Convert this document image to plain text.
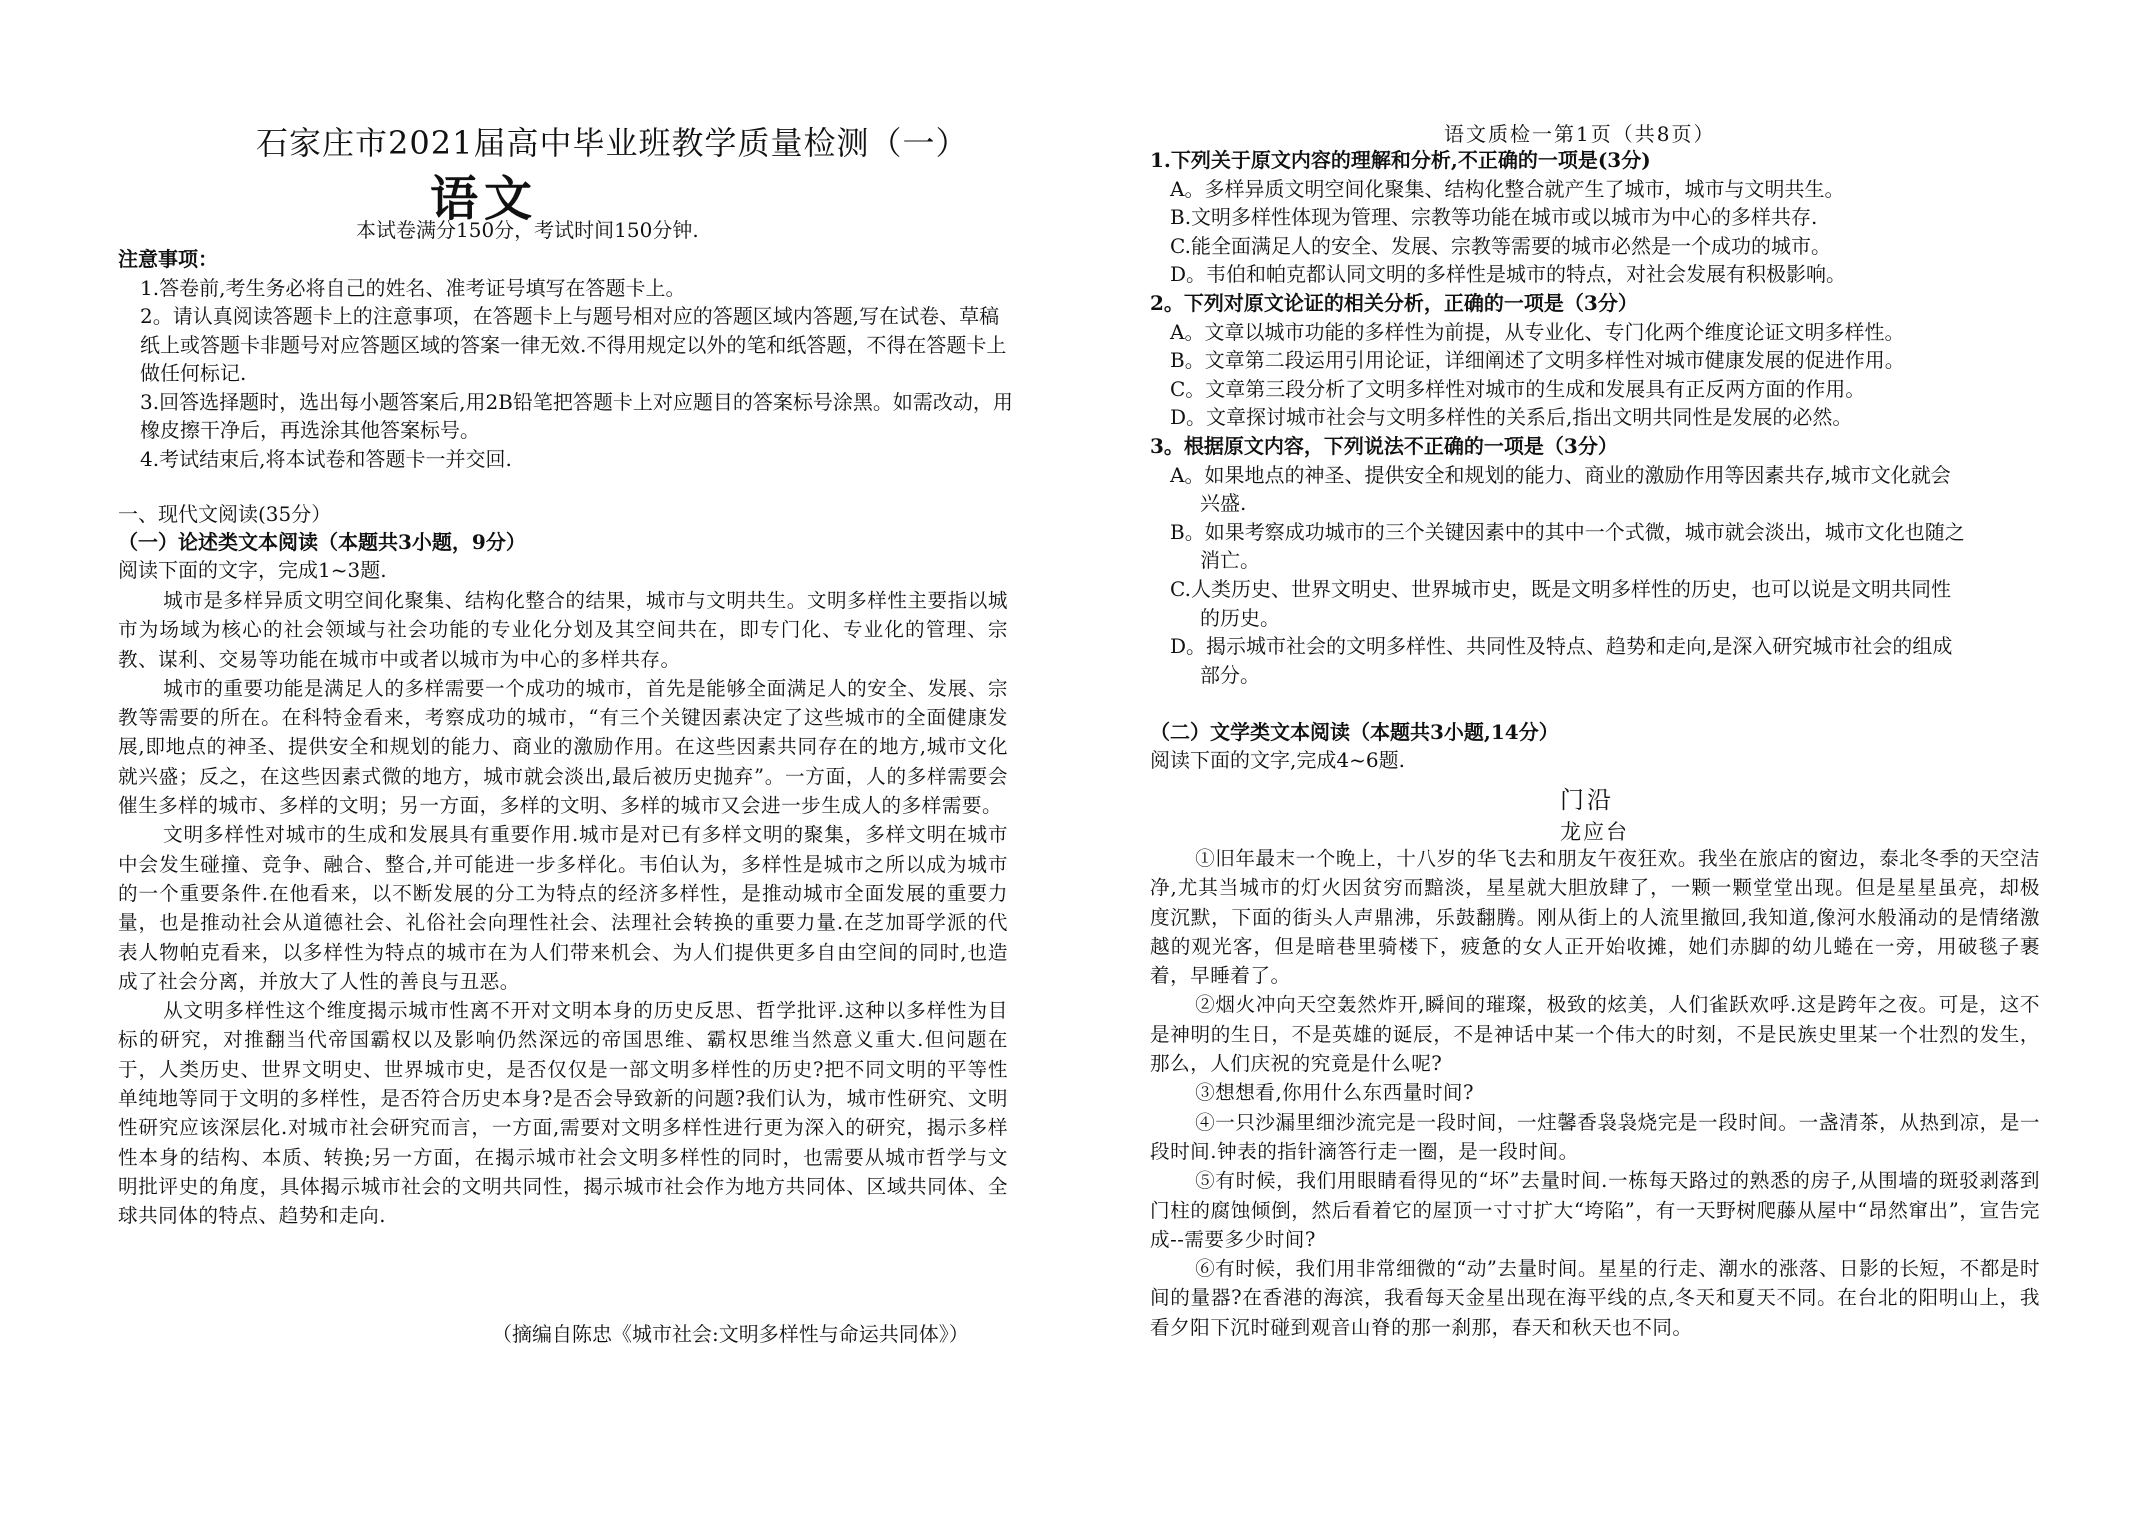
石家庄市2021届高中毕业班教学质量检测（一）
语文
本试卷满分150分，考试时间150分钟.
注意事项：
1.答卷前,考生务必将自己的姓名、准考证号填写在答题卡上。
2。请认真阅读答题卡上的注意事项，在答题卡上与题号相对应的答题区域内答题,写在试卷、草稿纸上或答题卡非题号对应答题区域的答案一律无效.不得用规定以外的笔和纸答题，不得在答题卡上做任何标记.
3.回答选择题时，选出每小题答案后,用2B铅笔把答题卡上对应题目的答案标号涂黑。如需改动，用橡皮擦干净后，再选涂其他答案标号。
4.考试结束后,将本试卷和答题卡一并交回.
一、现代文阅读(35分）
（一）论述类文本阅读（本题共3小题，9分）
阅读下面的文字，完成1~3题.

城市是多样异质文明空间化聚集、结构化整合的结果，城市与文明共生。文明多样性主要指以城市为场域为核心的社会领域与社会功能的专业化分划及其空间共在，即专门化、专业化的管理、宗教、谋利、交易等功能在城市中或者以城市为中心的多样共存。

城市的重要功能是满足人的多样需要一个成功的城市，首先是能够全面满足人的安全、发展、宗教等需要的所在。在科特金看来，考察成功的城市，“有三个关键因素决定了这些城市的全面健康发展,即地点的神圣、提供安全和规划的能力、商业的激励作用。在这些因素共同存在的地方,城市文化就兴盛；反之，在这些因素式微的地方，城市就会淡出,最后被历史抛弃”。一方面，人的多样需要会催生多样的城市、多样的文明；另一方面，多样的文明、多样的城市又会进一步生成人的多样需要。

文明多样性对城市的生成和发展具有重要作用.城市是对已有多样文明的聚集，多样文明在城市中会发生碰撞、竞争、融合、整合,并可能进一步多样化。韦伯认为，多样性是城市之所以成为城市的一个重要条件.在他看来，以不断发展的分工为特点的经济多样性，是推动城市全面发展的重要力量，也是推动社会从道德社会、礼俗社会向理性社会、法理社会转换的重要力量.在芝加哥学派的代表人物帕克看来，以多样性为特点的城市在为人们带来机会、为人们提供更多自由空间的同时,也造成了社会分离，并放大了人性的善良与丑恶。

从文明多样性这个维度揭示城市性离不开对文明本身的历史反思、哲学批评.这种以多样性为目标的研究，对推翻当代帝国霸权以及影响仍然深远的帝国思维、霸权思维当然意义重大.但问题在于，人类历史、世界文明史、世界城市史，是否仅仅是一部文明多样性的历史?把不同文明的平等性单纯地等同于文明的多样性，是否符合历史本身?是否会导致新的问题?我们认为，城市性研究、文明性研究应该深层化.对城市社会研究而言，一方面,需要对文明多样性进行更为深入的研究，揭示多样性本身的结构、本质、转换;另一方面，在揭示城市社会文明多样性的同时，也需要从城市哲学与文明批评史的角度，具体揭示城市社会的文明共同性，揭示城市社会作为地方共同体、区域共同体、全球共同体的特点、趋势和走向.

（摘编自陈忠《城市社会:文明多样性与命运共同体》）
语文质检一第1页（共8页）
1.下列关于原文内容的理解和分析,不正确的一项是(3分)
A。多样异质文明空间化聚集、结构化整合就产生了城市，城市与文明共生。
B.文明多样性体现为管理、宗教等功能在城市或以城市为中心的多样共存.
C.能全面满足人的安全、发展、宗教等需要的城市必然是一个成功的城市。
D。韦伯和帕克都认同文明的多样性是城市的特点，对社会发展有积极影响。
2。下列对原文论证的相关分析，正确的一项是（3分）
A。文章以城市功能的多样性为前提，从专业化、专门化两个维度论证文明多样性。
B。文章第二段运用引用论证，详细阐述了文明多样性对城市健康发展的促进作用。
C。文章第三段分析了文明多样性对城市的生成和发展具有正反两方面的作用。
D。文章探讨城市社会与文明多样性的关系后,指出文明共同性是发展的必然。
3。根据原文内容，下列说法不正确的一项是（3分）
A。如果地点的神圣、提供安全和规划的能力、商业的激励作用等因素共存,城市文化就会
兴盛.
B。如果考察成功城市的三个关键因素中的其中一个式微，城市就会淡出，城市文化也随之
消亡。
C.人类历史、世界文明史、世界城市史，既是文明多样性的历史，也可以说是文明共同性
的历史。
D。揭示城市社会的文明多样性、共同性及特点、趋势和走向,是深入研究城市社会的组成
部分。
（二）文学类文本阅读（本题共3小题,14分）
阅读下面的文字,完成4~6题.
门沿
龙应台

①旧年最末一个晚上，十八岁的华飞去和朋友午夜狂欢。我坐在旅店的窗边，泰北冬季的天空洁净,尤其当城市的灯火因贫穷而黯淡，星星就大胆放肆了，一颗一颗堂堂出现。但是星星虽亮，却极度沉默，下面的街头人声鼎沸，乐鼓翻腾。刚从街上的人流里撤回,我知道,像河水般涌动的是情绪激越的观光客，但是暗巷里骑楼下，疲惫的女人正开始收摊，她们赤脚的幼儿蜷在一旁，用破毯子裹着，早睡着了。

②烟火冲向天空轰然炸开,瞬间的璀璨，极致的炫美，人们雀跃欢呼.这是跨年之夜。可是，这不是神明的生日，不是英雄的诞辰，不是神话中某一个伟大的时刻，不是民族史里某一个壮烈的发生，那么，人们庆祝的究竟是什么呢?

③想想看,你用什么东西量时间?

④一只沙漏里细沙流完是一段时间，一炷馨香袅袅烧完是一段时间。一盏清茶，从热到凉，是一段时间.钟表的指针滴答行走一圈，是一段时间。

⑤有时候，我们用眼睛看得见的“坏”去量时间.一栋每天路过的熟悉的房子,从围墙的斑驳剥落到门柱的腐蚀倾倒，然后看着它的屋顶一寸寸扩大“垮陷”，有一天野树爬藤从屋中“昂然窜出”，宣告完成--需要多少时间?

⑥有时候，我们用非常细微的“动”去量时间。星星的行走、潮水的涨落、日影的长短，不都是时间的量器?在香港的海滨，我看每天金星出现在海平线的点,冬天和夏天不同。在台北的阳明山上，我看夕阳下沉时碰到观音山脊的那一刹那，春天和秋天也不同。
